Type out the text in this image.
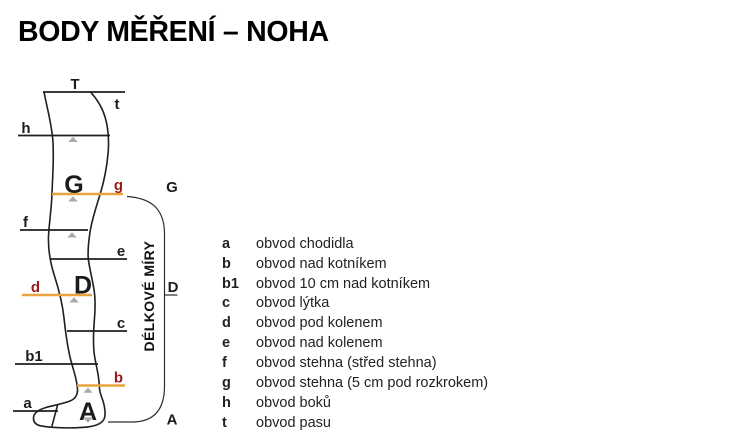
BODY MĚŘENÍ – NOHA
T
t
h
g
f
e
d
c
b1
b
a
G
D
A
G
D
A
DÉLKOVÉ MÍRY	a	obvod chodidla
b	obvod nad kotníkem
b1	obvod 10 cm nad kotníkem
c	obvod lýtka
d	obvod pod kolenem
e	obvod nad kolenem
f	obvod stehna (střed stehna)
g	obvod stehna (5 cm pod rozkrokem)
h	obvod boků
t	obvod pasu
